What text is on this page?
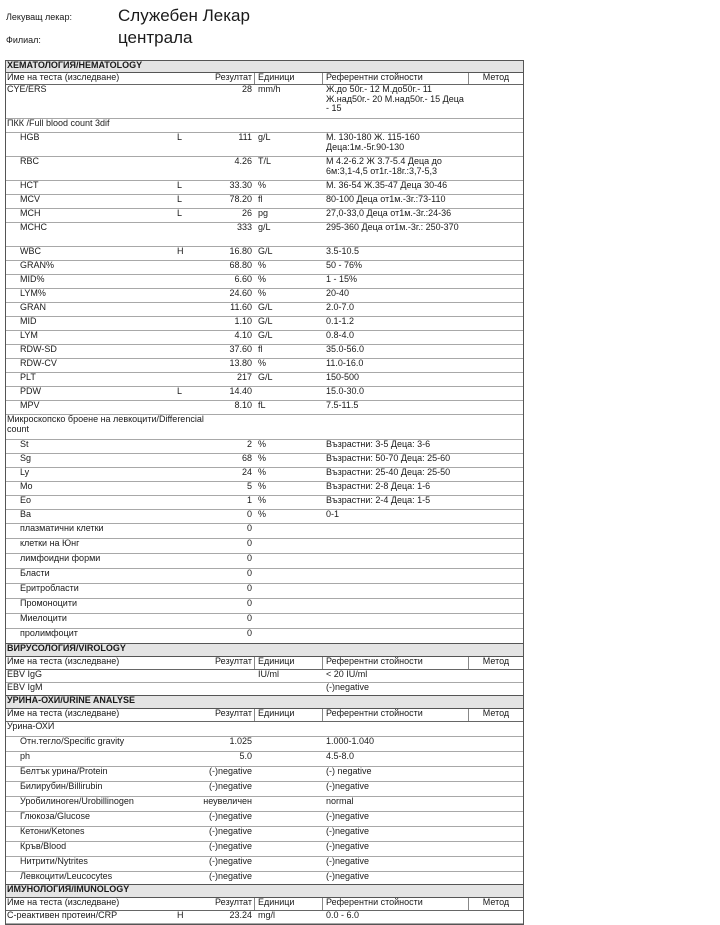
Лекуващ лекар:	Служебен Лекар
Филиал:	централа
ХЕМАТОЛОГИЯ/HEMATOLOGY
Име на теста (изследване)	Резултат Единици	Референтни стойности	Метод
CYE/ERS	28 mm/h	Ж.до 50г.- 12 М.до50г.- 11 Ж.над50г.- 20 М.над50г.- 15 Деца - 15
ПКК /Full blood count 3dif
HGB	L	111 g/L	М. 130-180 Ж. 115-160 Деца:1м.-5г.90-130
RBC	4.26 T/L	М 4.2-6.2 Ж 3.7-5.4 Деца до 6м:3,1-4,5 от1г.-18г.:3,7-5,3
HCT	L	33.30 %	М. 36-54 Ж.35-47 Деца 30-46
MCV	L	78.20 fl	80-100 Деца от1м.-3г.:73-110
MCH	L	26 pg	27,0-33,0 Деца от1м.-3г.:24-36
MCHC	333 g/L	295-360 Деца от1м.-3г.: 250-370
WBC	H	16.80 G/L	3.5-10.5
GRAN%	68.80 %	50 - 76%
MID%	6.60 %	1 - 15%
LYM%	24.60 %	20-40
GRAN	11.60 G/L	2.0-7.0
MID	1.10 G/L	0.1-1.2
LYM	4.10 G/L	0.8-4.0
RDW-SD	37.60 fl	35.0-56.0
RDW-CV	13.80 %	11.0-16.0
PLT	217 G/L	150-500
PDW	L	14.40	15.0-30.0
MPV	8.10 fL	7.5-11.5
Микроскопско броене на левкоцити/Differencial count
St	2 %	Възрастни: 3-5 Деца: 3-6
Sg	68 %	Възрастни: 50-70 Деца: 25-60
Ly	24 %	Възрастни: 25-40 Деца: 25-50
Mo	5 %	Възрастни: 2-8 Деца: 1-6
Eo	1 %	Възрастни: 2-4 Деца: 1-5
Ba	0 %	0-1
плазматични клетки	0
клетки на Юнг	0
лимфоидни форми	0
Бласти	0
Еритробласти	0
Промоноцити	0
Миелоцити	0
пролимфоцит	0
ВИРУСОЛОГИЯ/VIROLOGY
Име на теста (изследване)	Резултат Единици	Референтни стойности	Метод
EBV IgG	IU/ml	< 20 IU/ml
EBV IgM	(-)negative
УРИНА-ОХИ/URINE ANALYSE
Име на теста (изследване)	Резултат Единици	Референтни стойности	Метод
Урина-ОХИ
Отн.тегло/Specific gravity	1.025	1.000-1.040
ph	5.0	4.5-8.0
Белтък урина/Protein	(-)negative	(-) negative
Билирубин/Billirubin	(-)negative	(-)negative
Уробилиноген/Urobillinogen	неувеличен	normal
Глюкоза/Glucose	(-)negative	(-)negative
Кетони/Ketones	(-)negative	(-)negative
Кръв/Blood	(-)negative	(-)negative
Нитрити/Nytrites	(-)negative	(-)negative
Левкоцити/Leucocytes	(-)negative	(-)negative
ИМУНОЛОГИЯ/IMUNOLOGY
Име на теста (изследване)	Резултат Единици	Референтни стойности	Метод
С-реактивен протеин/CRP	H	23.24 mg/l	0.0 - 6.0
